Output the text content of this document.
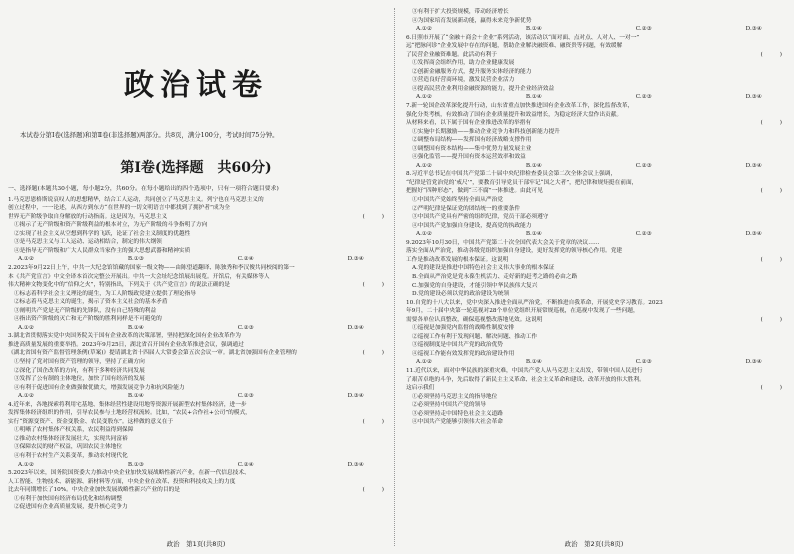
政治试卷
本试卷分第Ⅰ卷(选择题)和第Ⅱ卷(非选择题)两部分。共8页，满分100分，考试时间75分钟。
第Ⅰ卷(选择题　共60分)
一、选择题(本题共30小题，每小题2分，共60分。在每小题给出的四个选项中，只有一项符合题目要求)

1.马克思恩格斯说哀叹人的思想精华，结合工人运动，共同创立了马克思主义。列宁也在马克思主义的

创立过程中，一一论述，从西方到东方“在世界的一切文明语言中都找到了拥护者”成为全

世界无产阶级争取自身解放的行动指南。这是因为，马克思主义	(　　　)

①揭示了无产阶级和资产阶级利益的根本对立，为无产阶级的斗争指明了方向

②实现了社会主义从空想到科学的飞跃，论证了社会主义制度的优越性

③是马克思主义与工人运动、运动相结合，制定的伟大纲领

④是指导无产阶级和广大人民群众当家作主的强大思想武器和精神实质

A.①②	B.①③	C.②④	D.③④

2.2023年9月22日上午，中共一大纪念馆馆藏的国家一级文物——由陈望道翻译、陈独秀和李汉俊共同校阅的第一

本《共产党宣言》中文全译本首次完整公开展出。中共一大会址纪念馆展出展览。开馆后，有关媒体等人

伟大精神文物变化中的“信仰之火”，特别指出，下列关于《共产党宣言》的说法正确的是	(　　　)

①标志着科学社会主义理论的诞生，为工人阶级政党建立提供了理论指导

②标志着马克思主义的诞生，揭示了资本主义社会的基本矛盾

③阐明共产党是无产阶级的先锋队，没有自己特殊的利益

④指出资产阶级的灭亡和无产阶级的胜利同样是不可避免的

A.①②	B.①④	C.②③	D.③④

3.湖北省贯彻落实党中央国务院关于国有企业改革的决策部署，坚持把深化国有企业改革作为

推进高质量发展的重要举措。2023年9月25日，湖北省召开国有企业改革推进会议，强调通过

《湖北省国有资产监督管理条例(草案)》提请湖北省十四届人大常委会第五次会议一审。湖北省加强国有企业管理的	(　　　)

①坚持了党对国有资产管理的领导，坚持了正确方向

②深化了国企改革的方向，有利于多种经济共同发展

③发挥了公有制的主体地位，加快了国有经济的发展

④有利于促进国有企业做强做优做大，增强发展竞争力和抗风险能力

A.①②	B.①④	C.②③	D.③④

4.近年来，各地探索将利用宅基地、集体经营性建设用地等资源开展新型农村集体经济，进一步

发挥集体经济组织的作用，引导农民参与土地经营权流转。比如，“农民+合作社+公司”的模式，

实行“资源变资产、资金变股金、农民变股东”。这样做的意义在于	(　　　)

①明晰了农村集体产权关系，农民利益得到保障

②推动农村集体经济发展壮大，实现共同富裕

③保障农民的财产权益，巩固农民主体地位

④有利于农村生产关系变革，推动农村现代化

A.①②	B.①③	C.②④	D.③④

5.2023年以来，国务院国资委大力推动中央企业加快发展战略性新兴产业，在新一代信息技术、

人工智能、生物技术、新能源、新材料等方面，中央企业在改革、投资和科技攻关上的力度

比去年同期增长了10%。中央企业加快发展战略性新兴产业的目的是	(　　　)

①有利于加快国有经济布局优化和结构调整

②促进国有企业高质量发展，提升核心竞争力

③有利于扩大投资规模，带动经济增长

④为国家培育发展新动能，赢得未来竞争新优势

A.①②	B.①④	C.②③	D.③④

6.日照市开展了“金融＋商会＋企业”系列活动，该活动以“面对面、点对点、人对人、一对一”

远“把脉问诊”企业发展中存在的问题，帮助企业解决融资难、融资贵等问题，有效缓解

了民营企业融资难题。此活动有利于	(　　　)

①发挥商会组织作用，助力企业健康发展

②创新金融服务方式，提升服务实体经济的能力

③营造良好营商环境，激发民营企业活力

④提高民营企业利用金融资源的能力，提升企业经济效益

A.①②	B.①④	C.②③	D.③④

7.新一轮国企改革深化提升行动，山东省重点加快推进国有企业改革工作，深化监督改革，

强化分类考核，有效推动了国有企业质量提升和效益增长，为稳定经济大盘作出贡献。

从材料来看，以下属于国有企业推进改革的举措有	(　　　)

①实施中长期激励——推动企业竞争力和科技创新能力提升

②调整布局结构——发挥国有经济战略支撑作用

③调整国有资本结构——集中优势力量发展主业

④强化监管——提升国有资本运营效率和效益

A.①②	B.①④	C.②③	D.③④

8.习近平总书记在中国共产党第二十届中央纪律检查委员会第二次全体会议上强调，

“纪律是管党治党的‘戒尺’”，要教育引导党员干部牢记“国之大者”，把纪律和规矩挺在前面，

把握好“四种形态”，做到“三不腐”一体推进。由此可见	(　　　)

①中国共产党始终坚持全面从严治党

②严明纪律是保证党的团结统一的重要条件

③中国共产党具有严密的组织纪律，党员干部必须遵守

④中国共产党加强自身建设，提高党的执政能力

A.①②	B.①④	C.②③	D.③④

9.2023年10月30日，中国共产党第二十次全国代表大会关于党章的决议……

落实全面从严治党，推动各级党组织加强自身建设，更好发挥党的领导核心作用。党建

工作是推动改革发展的根本保证。这说明	(　　　)

A.党的建设是推进中国特色社会主义伟大事业的根本保证

B.全面从严治党是党永葆生机活力、走好新的赶考之路的必由之路

C.加强党的自身建设，才能引领中华民族伟大复兴

D.党的建设必须以党的政治建设为统领

10.自党的十八大以来，党中央深入推进全面从严治党，不断推进自我革命，开展党史学习教育。2023

年9月，二十届中央第一轮巡视对28个单位党组织开展常规巡视，在巡视中发现了一些问题，

需要各单位认真整改，确保巡视整改落地见效。这说明	(　　　)

①巡视是加强党内监督的战略性制度安排

②巡视工作有利于发现问题、解决问题、推动工作

③巡视制度是中国共产党的政治优势

④巡视工作能有效发挥党的政治建设作用

A.①②	B.①④	C.②③	D.③④

11.近代以来，面对中华民族的深重灾难，中国共产党人从马克思主义出发，带领中国人民进行

了艰苦卓绝的斗争，先后取得了新民主主义革命、社会主义革命和建设、改革开放的伟大胜利。

这启示我们	(　　　)

①必须坚持马克思主义的指导地位

②必须坚持中国共产党的领导

③必须坚持走中国特色社会主义道路

④中国共产党能够引领伟大社会革命

政治　第1页(共8页)	政治　第2页(共8页)
